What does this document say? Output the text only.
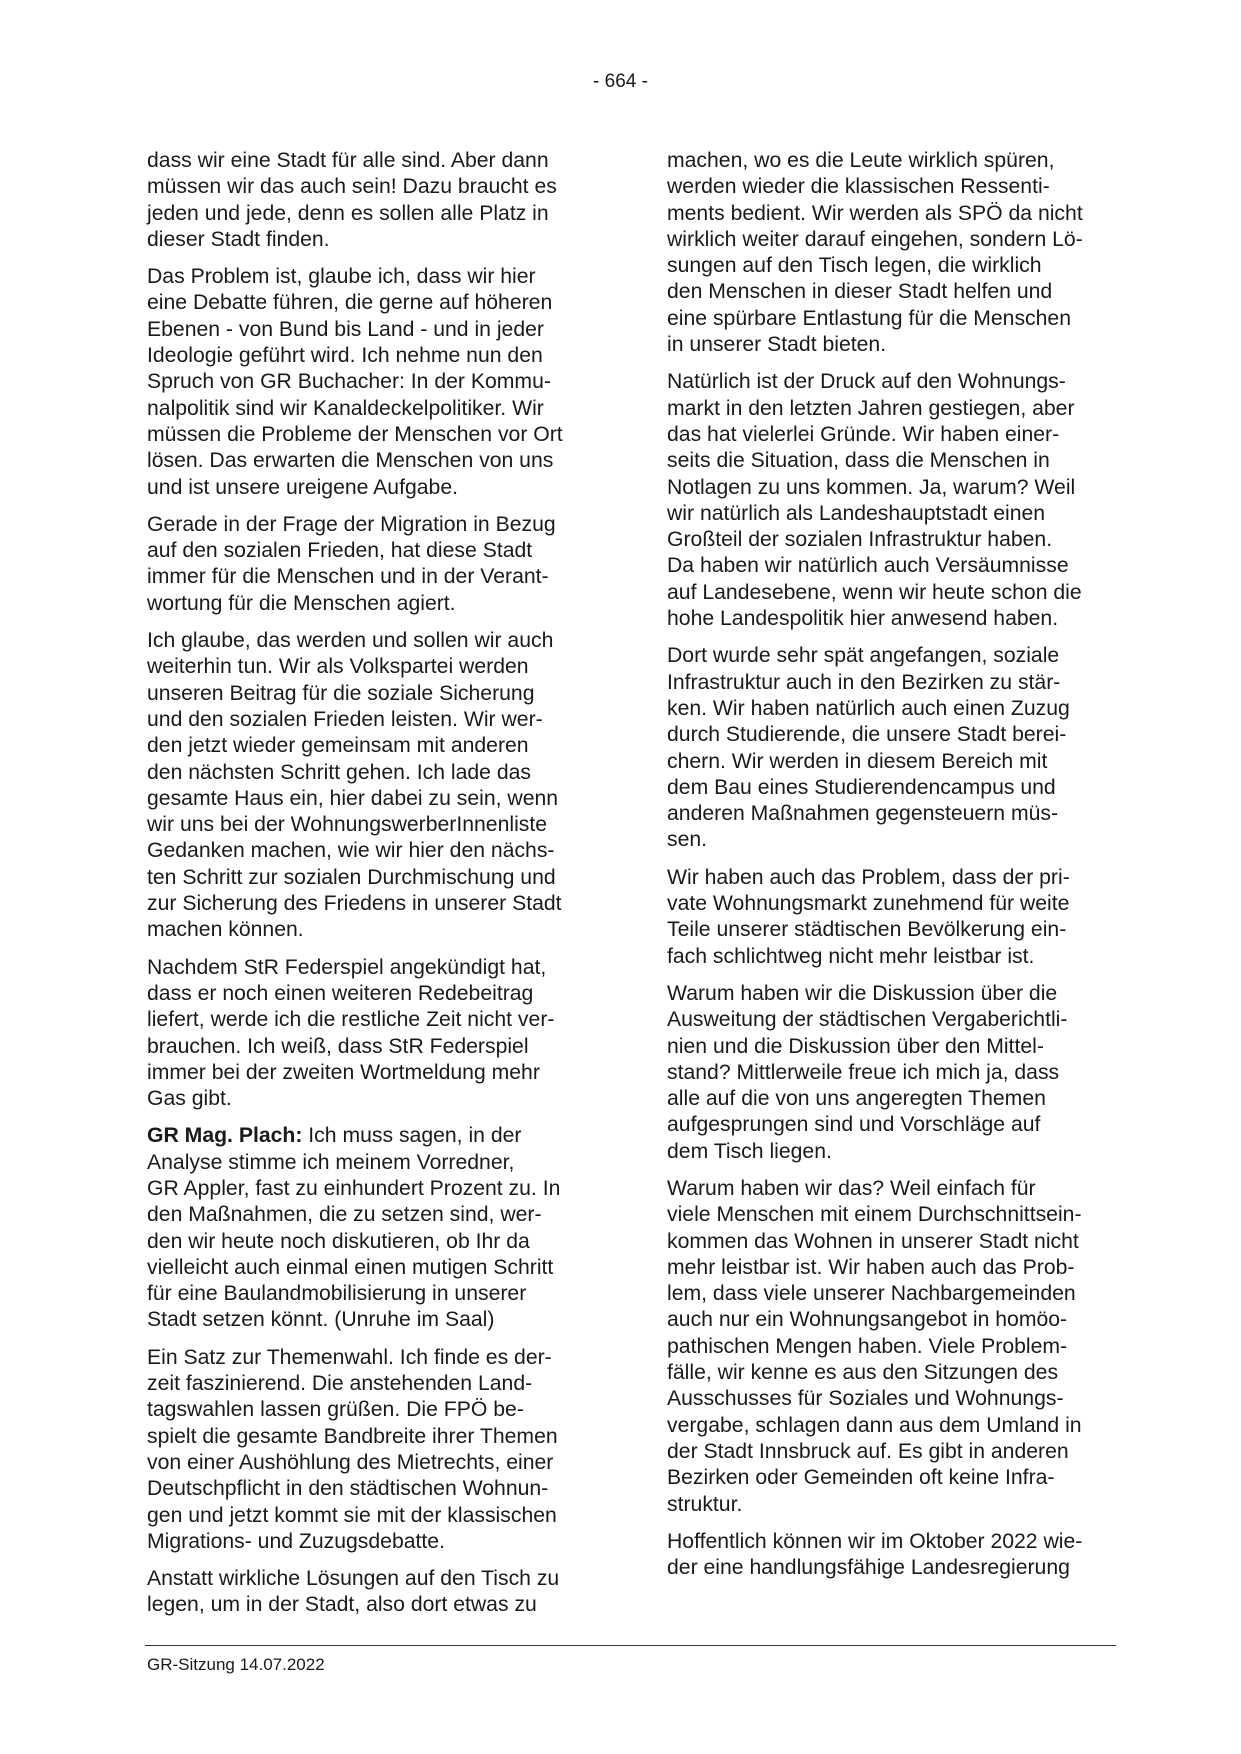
- 664 -

dass wir eine Stadt für alle sind. Aber dann
müssen wir das auch sein! Dazu braucht es
jeden und jede, denn es sollen alle Platz in
dieser Stadt finden.

Das Problem ist, glaube ich, dass wir hier
eine Debatte führen, die gerne auf höheren
Ebenen - von Bund bis Land - und in jeder
Ideologie geführt wird. Ich nehme nun den
Spruch von GR Buchacher: In der Kommu-
nalpolitik sind wir Kanaldeckelpolitiker. Wir
müssen die Probleme der Menschen vor Ort
lösen. Das erwarten die Menschen von uns
und ist unsere ureigene Aufgabe.

Gerade in der Frage der Migration in Bezug
auf den sozialen Frieden, hat diese Stadt
immer für die Menschen und in der Verant-
wortung für die Menschen agiert.

Ich glaube, das werden und sollen wir auch
weiterhin tun. Wir als Volkspartei werden
unseren Beitrag für die soziale Sicherung
und den sozialen Frieden leisten. Wir wer-
den jetzt wieder gemeinsam mit anderen
den nächsten Schritt gehen. Ich lade das
gesamte Haus ein, hier dabei zu sein, wenn
wir uns bei der WohnungswerberInnenliste
Gedanken machen, wie wir hier den nächs-
ten Schritt zur sozialen Durchmischung und
zur Sicherung des Friedens in unserer Stadt
machen können.

Nachdem StR Federspiel angekündigt hat,
dass er noch einen weiteren Redebeitrag
liefert, werde ich die restliche Zeit nicht ver-
brauchen. Ich weiß, dass StR Federspiel
immer bei der zweiten Wortmeldung mehr
Gas gibt.

GR Mag. Plach: Ich muss sagen, in der
Analyse stimme ich meinem Vorredner,
GR Appler, fast zu einhundert Prozent zu. In
den Maßnahmen, die zu setzen sind, wer-
den wir heute noch diskutieren, ob Ihr da
vielleicht auch einmal einen mutigen Schritt
für eine Baulandmobilisierung in unserer
Stadt setzen könnt. (Unruhe im Saal)

Ein Satz zur Themenwahl. Ich finde es der-
zeit faszinierend. Die anstehenden Land-
tagswahlen lassen grüßen. Die FPÖ be-
spielt die gesamte Bandbreite ihrer Themen
von einer Aushöhlung des Mietrechts, einer
Deutschpflicht in den städtischen Wohnun-
gen und jetzt kommt sie mit der klassischen
Migrations- und Zuzugsdebatte.

Anstatt wirkliche Lösungen auf den Tisch zu
legen, um in der Stadt, also dort etwas zu

machen, wo es die Leute wirklich spüren,
werden wieder die klassischen Ressenti-
ments bedient. Wir werden als SPÖ da nicht
wirklich weiter darauf eingehen, sondern Lö-
sungen auf den Tisch legen, die wirklich
den Menschen in dieser Stadt helfen und
eine spürbare Entlastung für die Menschen
in unserer Stadt bieten.

Natürlich ist der Druck auf den Wohnungs-
markt in den letzten Jahren gestiegen, aber
das hat vielerlei Gründe. Wir haben einer-
seits die Situation, dass die Menschen in
Notlagen zu uns kommen. Ja, warum? Weil
wir natürlich als Landeshauptstadt einen
Großteil der sozialen Infrastruktur haben.
Da haben wir natürlich auch Versäumnisse
auf Landesebene, wenn wir heute schon die
hohe Landespolitik hier anwesend haben.

Dort wurde sehr spät angefangen, soziale
Infrastruktur auch in den Bezirken zu stär-
ken. Wir haben natürlich auch einen Zuzug
durch Studierende, die unsere Stadt berei-
chern. Wir werden in diesem Bereich mit
dem Bau eines Studierendencampus und
anderen Maßnahmen gegensteuern müs-
sen.

Wir haben auch das Problem, dass der pri-
vate Wohnungsmarkt zunehmend für weite
Teile unserer städtischen Bevölkerung ein-
fach schlichtweg nicht mehr leistbar ist.

Warum haben wir die Diskussion über die
Ausweitung der städtischen Vergaberichtli-
nien und die Diskussion über den Mittel-
stand? Mittlerweile freue ich mich ja, dass
alle auf die von uns angeregten Themen
aufgesprungen sind und Vorschläge auf
dem Tisch liegen.

Warum haben wir das? Weil einfach für
viele Menschen mit einem Durchschnittsein-
kommen das Wohnen in unserer Stadt nicht
mehr leistbar ist. Wir haben auch das Prob-
lem, dass viele unserer Nachbargemeinden
auch nur ein Wohnungsangebot in homöo-
pathischen Mengen haben. Viele Problem-
fälle, wir kenne es aus den Sitzungen des
Ausschusses für Soziales und Wohnungs-
vergabe, schlagen dann aus dem Umland in
der Stadt Innsbruck auf. Es gibt in anderen
Bezirken oder Gemeinden oft keine Infra-
struktur.

Hoffentlich können wir im Oktober 2022 wie-
der eine handlungsfähige Landesregierung

GR-Sitzung 14.07.2022
